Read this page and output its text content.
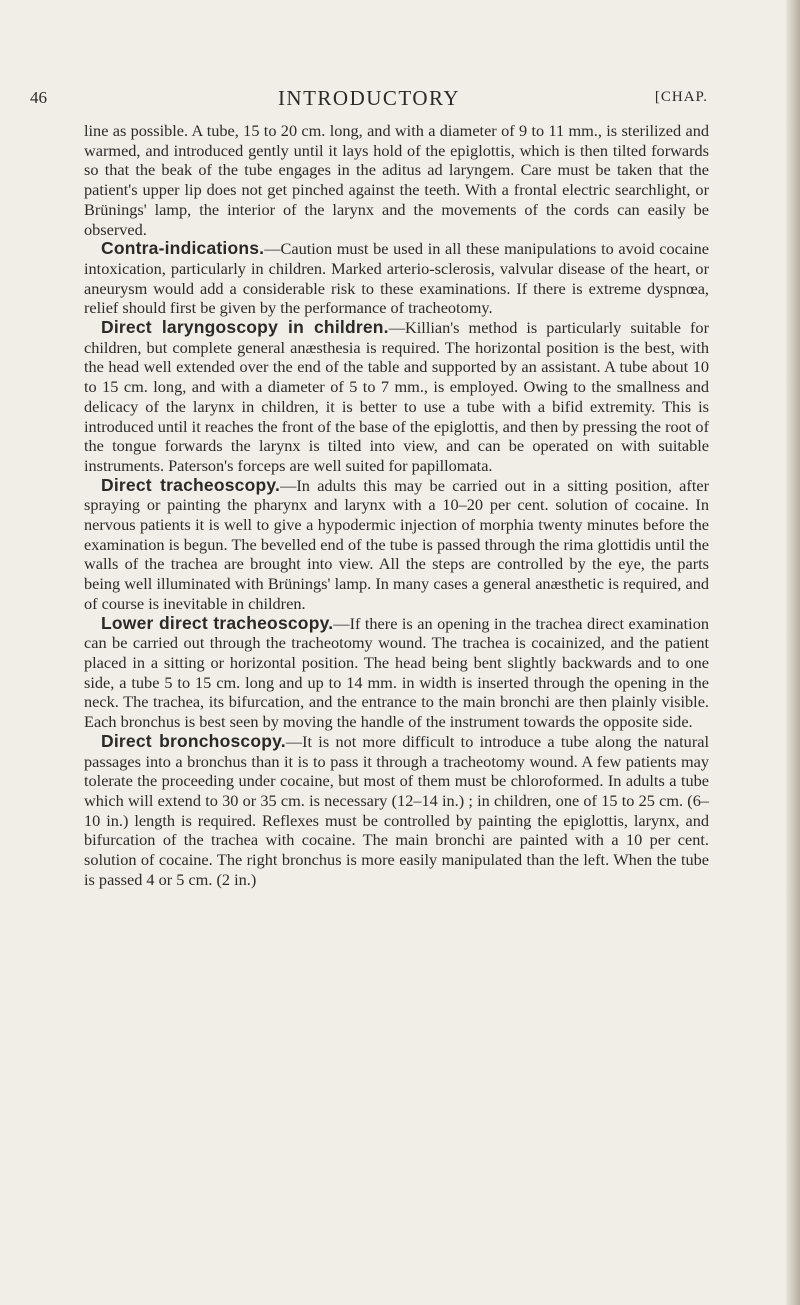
46	INTRODUCTORY	[CHAP.

line as possible. A tube, 15 to 20 cm. long, and with a diameter of 9 to 11 mm., is sterilized and warmed, and introduced gently until it lays hold of the epiglottis, which is then tilted forwards so that the beak of the tube engages in the aditus ad laryngem. Care must be taken that the patient's upper lip does not get pinched against the teeth. With a frontal electric searchlight, or Brünings' lamp, the interior of the larynx and the movements of the cords can easily be observed.

Contra-indications.—Caution must be used in all these manipulations to avoid cocaine intoxication, particularly in children. Marked arterio-sclerosis, valvular disease of the heart, or aneurysm would add a considerable risk to these examinations. If there is extreme dyspnœa, relief should first be given by the performance of tracheotomy.

Direct laryngoscopy in children.—Killian's method is particularly suitable for children, but complete general anæsthesia is required. The horizontal position is the best, with the head well extended over the end of the table and supported by an assistant. A tube about 10 to 15 cm. long, and with a diameter of 5 to 7 mm., is employed. Owing to the smallness and delicacy of the larynx in children, it is better to use a tube with a bifid extremity. This is introduced until it reaches the front of the base of the epiglottis, and then by pressing the root of the tongue forwards the larynx is tilted into view, and can be operated on with suitable instruments. Paterson's forceps are well suited for papillomata.

Direct tracheoscopy.—In adults this may be carried out in a sitting position, after spraying or painting the pharynx and larynx with a 10–20 per cent. solution of cocaine. In nervous patients it is well to give a hypodermic injection of morphia twenty minutes before the examination is begun. The bevelled end of the tube is passed through the rima glottidis until the walls of the trachea are brought into view. All the steps are controlled by the eye, the parts being well illuminated with Brünings' lamp. In many cases a general anæsthetic is required, and of course is inevitable in children.

Lower direct tracheoscopy.—If there is an opening in the trachea direct examination can be carried out through the tracheotomy wound. The trachea is cocainized, and the patient placed in a sitting or horizontal position. The head being bent slightly backwards and to one side, a tube 5 to 15 cm. long and up to 14 mm. in width is inserted through the opening in the neck. The trachea, its bifurcation, and the entrance to the main bronchi are then plainly visible. Each bronchus is best seen by moving the handle of the instrument towards the opposite side.

Direct bronchoscopy.—It is not more difficult to introduce a tube along the natural passages into a bronchus than it is to pass it through a tracheotomy wound. A few patients may tolerate the proceeding under cocaine, but most of them must be chloroformed. In adults a tube which will extend to 30 or 35 cm. is necessary (12–14 in.) ; in children, one of 15 to 25 cm. (6–10 in.) length is required. Reflexes must be controlled by painting the epiglottis, larynx, and bifurcation of the trachea with cocaine. The main bronchi are painted with a 10 per cent. solution of cocaine. The right bronchus is more easily manipulated than the left. When the tube is passed 4 or 5 cm. (2 in.)
